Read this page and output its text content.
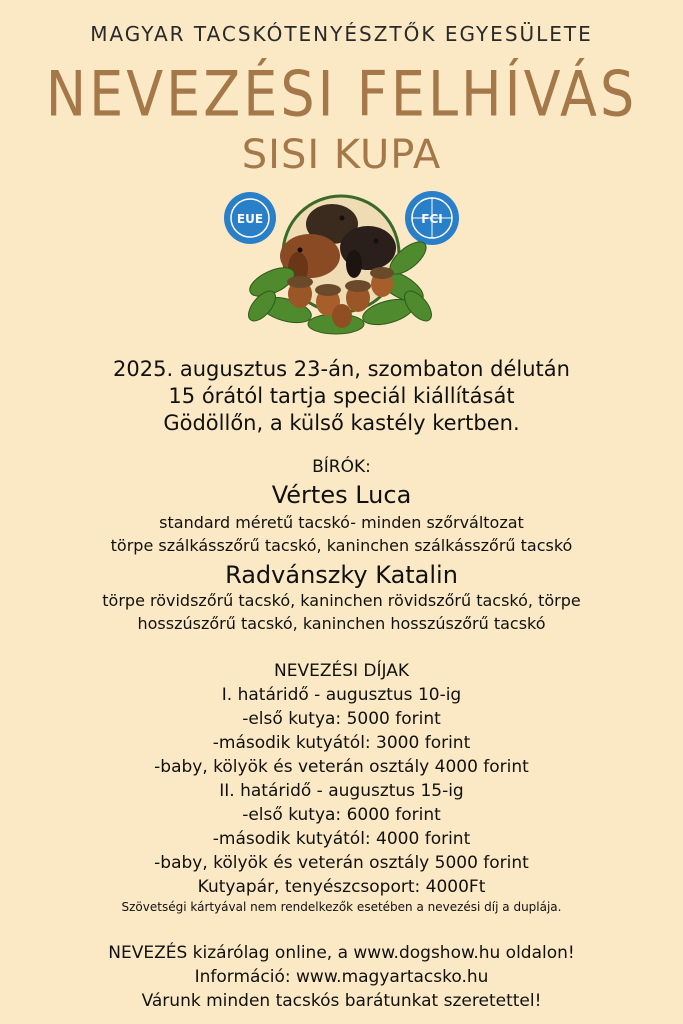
MAGYAR TACSKÓTENYÉSZTŐK EGYESÜLETE
NEVEZÉSI FELHÍVÁS
SISI KUPA
EUE	FCI
2025. augusztus 23-án, szombaton délután
15 órától tartja speciál kiállítását
Gödöllőn, a külső kastély kertben.
BÍRÓK:
Vértes Luca
standard méretű tacskó- minden szőrváltozat
törpe szálkásszőrű tacskó, kaninchen szálkásszőrű tacskó
Radvánszky Katalin
törpe rövidszőrű tacskó, kaninchen rövidszőrű tacskó, törpe
hosszúszőrű tacskó, kaninchen hosszúszőrű tacskó
NEVEZÉSI DÍJAK
I. határidő - augusztus 10-ig
-első kutya: 5000 forint
-második kutyától: 3000 forint
-baby, kölyök és veterán osztály 4000 forint
II. határidő - augusztus 15-ig
-első kutya: 6000 forint
-második kutyától: 4000 forint
-baby, kölyök és veterán osztály 5000 forint
Kutyapár, tenyészcsoport: 4000Ft
Szövetségi kártyával nem rendelkezők esetében a nevezési díj a duplája.
NEVEZÉS kizárólag online, a www.dogshow.hu oldalon!
Információ: www.magyartacsko.hu
Várunk minden tacskós barátunkat szeretettel!
